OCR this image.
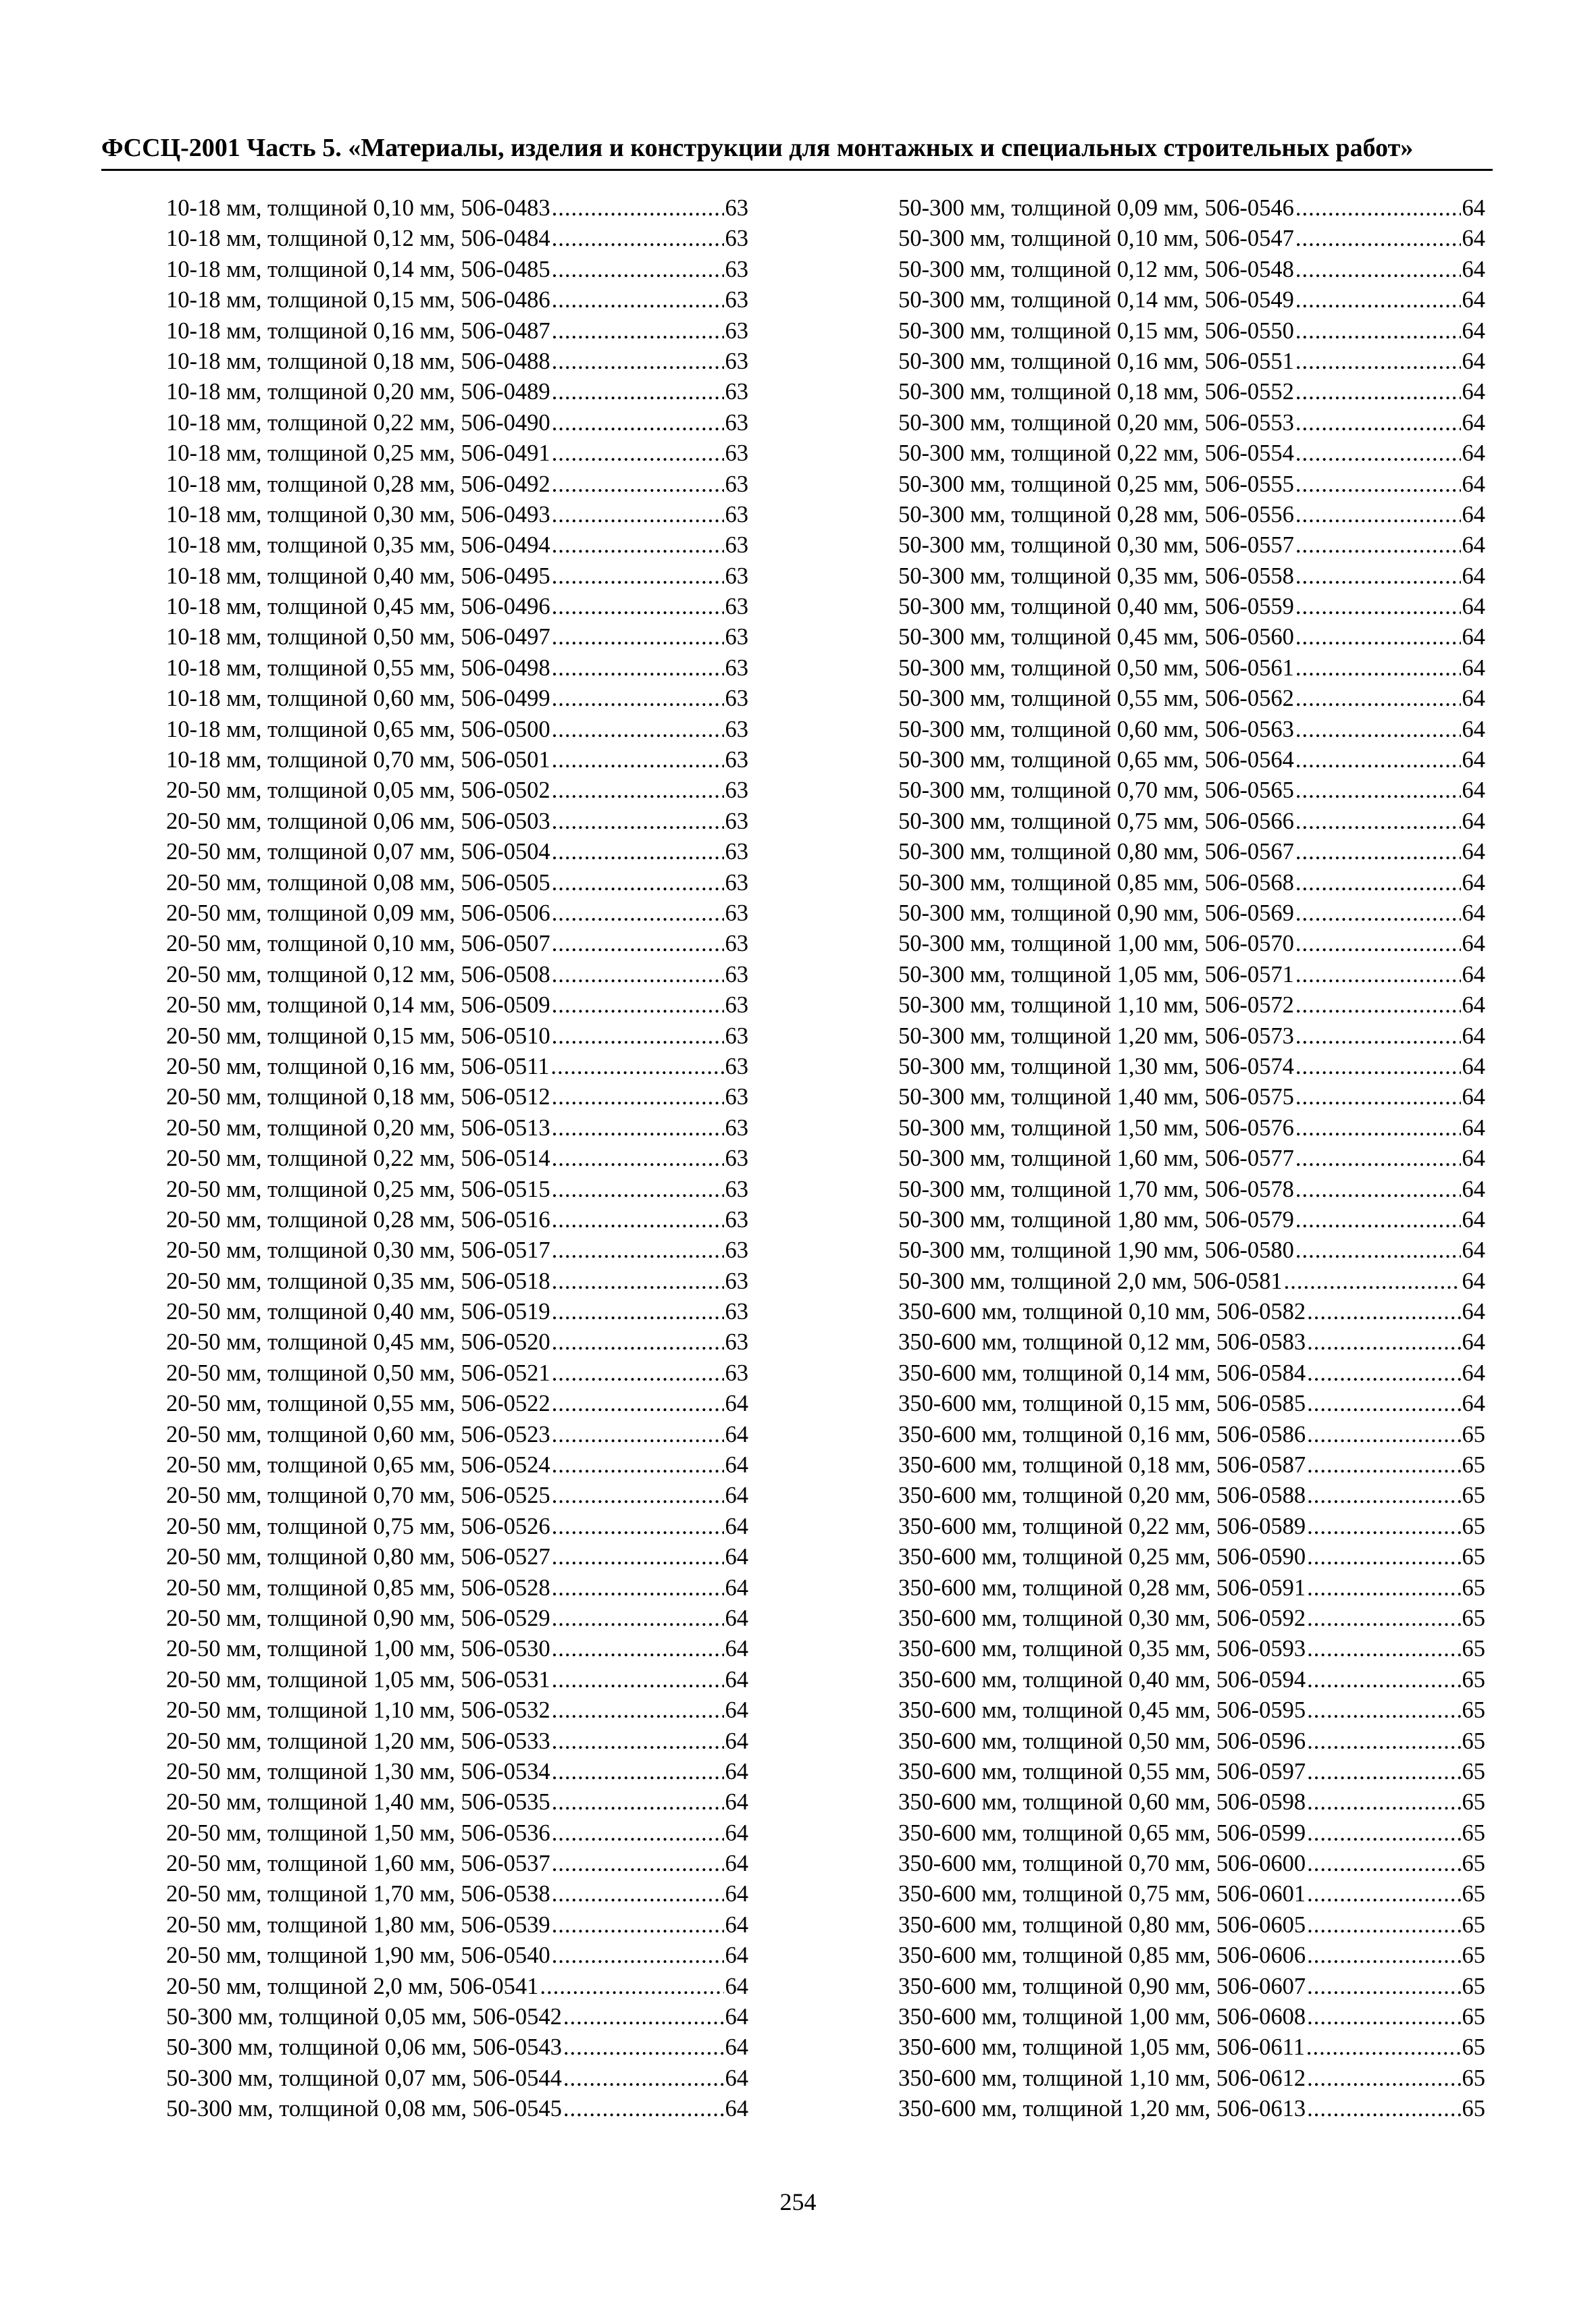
ФССЦ-2001 Часть 5. «Материалы, изделия и конструкции для монтажных и специальных строительных работ»
10-18 мм, толщиной 0,10 мм, 506-0483 .....	63
10-18 мм, толщиной 0,12 мм, 506-0484 .....	63
10-18 мм, толщиной 0,14 мм, 506-0485 .....	63
10-18 мм, толщиной 0,15 мм, 506-0486 .....	63
10-18 мм, толщиной 0,16 мм, 506-0487 .....	63
10-18 мм, толщиной 0,18 мм, 506-0488 .....	63
10-18 мм, толщиной 0,20 мм, 506-0489 .....	63
10-18 мм, толщиной 0,22 мм, 506-0490 .....	63
10-18 мм, толщиной 0,25 мм, 506-0491 .....	63
10-18 мм, толщиной 0,28 мм, 506-0492 .....	63
10-18 мм, толщиной 0,30 мм, 506-0493 .....	63
10-18 мм, толщиной 0,35 мм, 506-0494 .....	63
10-18 мм, толщиной 0,40 мм, 506-0495 .....	63
10-18 мм, толщиной 0,45 мм, 506-0496 .....	63
10-18 мм, толщиной 0,50 мм, 506-0497 .....	63
10-18 мм, толщиной 0,55 мм, 506-0498 .....	63
10-18 мм, толщиной 0,60 мм, 506-0499 .....	63
10-18 мм, толщиной 0,65 мм, 506-0500 .....	63
10-18 мм, толщиной 0,70 мм, 506-0501 .....	63
20-50 мм, толщиной 0,05 мм, 506-0502 .....	63
20-50 мм, толщиной 0,06 мм, 506-0503 .....	63
20-50 мм, толщиной 0,07 мм, 506-0504 .....	63
20-50 мм, толщиной 0,08 мм, 506-0505 .....	63
20-50 мм, толщиной 0,09 мм, 506-0506 .....	63
20-50 мм, толщиной 0,10 мм, 506-0507 .....	63
20-50 мм, толщиной 0,12 мм, 506-0508 .....	63
20-50 мм, толщиной 0,14 мм, 506-0509 .....	63
20-50 мм, толщиной 0,15 мм, 506-0510 .....	63
20-50 мм, толщиной 0,16 мм, 506-0511 .....	63
20-50 мм, толщиной 0,18 мм, 506-0512 .....	63
20-50 мм, толщиной 0,20 мм, 506-0513 .....	63
20-50 мм, толщиной 0,22 мм, 506-0514 .....	63
20-50 мм, толщиной 0,25 мм, 506-0515 .....	63
20-50 мм, толщиной 0,28 мм, 506-0516 .....	63
20-50 мм, толщиной 0,30 мм, 506-0517 .....	63
20-50 мм, толщиной 0,35 мм, 506-0518 .....	63
20-50 мм, толщиной 0,40 мм, 506-0519 .....	63
20-50 мм, толщиной 0,45 мм, 506-0520 .....	63
20-50 мм, толщиной 0,50 мм, 506-0521 .....	63
20-50 мм, толщиной 0,55 мм, 506-0522 .....	64
20-50 мм, толщиной 0,60 мм, 506-0523 .....	64
20-50 мм, толщиной 0,65 мм, 506-0524 .....	64
20-50 мм, толщиной 0,70 мм, 506-0525 .....	64
20-50 мм, толщиной 0,75 мм, 506-0526 .....	64
20-50 мм, толщиной 0,80 мм, 506-0527 .....	64
20-50 мм, толщиной 0,85 мм, 506-0528 .....	64
20-50 мм, толщиной 0,90 мм, 506-0529 .....	64
20-50 мм, толщиной 1,00 мм, 506-0530 .....	64
20-50 мм, толщиной 1,05 мм, 506-0531 .....	64
20-50 мм, толщиной 1,10 мм, 506-0532 .....	64
20-50 мм, толщиной 1,20 мм, 506-0533 .....	64
20-50 мм, толщиной 1,30 мм, 506-0534 .....	64
20-50 мм, толщиной 1,40 мм, 506-0535 .....	64
20-50 мм, толщиной 1,50 мм, 506-0536 .....	64
20-50 мм, толщиной 1,60 мм, 506-0537 .....	64
20-50 мм, толщиной 1,70 мм, 506-0538 .....	64
20-50 мм, толщиной 1,80 мм, 506-0539 .....	64
20-50 мм, толщиной 1,90 мм, 506-0540 .....	64
20-50 мм, толщиной 2,0 мм, 506-0541 .....	64
50-300 мм, толщиной 0,05 мм, 506-0542 .....	64
50-300 мм, толщиной 0,06 мм, 506-0543 .....	64
50-300 мм, толщиной 0,07 мм, 506-0544 .....	64
50-300 мм, толщиной 0,08 мм, 506-0545 .....	64
50-300 мм, толщиной 0,09 мм, 506-0546 .....	64
50-300 мм, толщиной 0,10 мм, 506-0547 .....	64
50-300 мм, толщиной 0,12 мм, 506-0548 .....	64
50-300 мм, толщиной 0,14 мм, 506-0549 .....	64
50-300 мм, толщиной 0,15 мм, 506-0550 .....	64
50-300 мм, толщиной 0,16 мм, 506-0551 .....	64
50-300 мм, толщиной 0,18 мм, 506-0552 .....	64
50-300 мм, толщиной 0,20 мм, 506-0553 .....	64
50-300 мм, толщиной 0,22 мм, 506-0554 .....	64
50-300 мм, толщиной 0,25 мм, 506-0555 .....	64
50-300 мм, толщиной 0,28 мм, 506-0556 .....	64
50-300 мм, толщиной 0,30 мм, 506-0557 .....	64
50-300 мм, толщиной 0,35 мм, 506-0558 .....	64
50-300 мм, толщиной 0,40 мм, 506-0559 .....	64
50-300 мм, толщиной 0,45 мм, 506-0560 .....	64
50-300 мм, толщиной 0,50 мм, 506-0561 .....	64
50-300 мм, толщиной 0,55 мм, 506-0562 .....	64
50-300 мм, толщиной 0,60 мм, 506-0563 .....	64
50-300 мм, толщиной 0,65 мм, 506-0564 .....	64
50-300 мм, толщиной 0,70 мм, 506-0565 .....	64
50-300 мм, толщиной 0,75 мм, 506-0566 .....	64
50-300 мм, толщиной 0,80 мм, 506-0567 .....	64
50-300 мм, толщиной 0,85 мм, 506-0568 .....	64
50-300 мм, толщиной 0,90 мм, 506-0569 .....	64
50-300 мм, толщиной 1,00 мм, 506-0570 .....	64
50-300 мм, толщиной 1,05 мм, 506-0571 .....	64
50-300 мм, толщиной 1,10 мм, 506-0572 .....	64
50-300 мм, толщиной 1,20 мм, 506-0573 .....	64
50-300 мм, толщиной 1,30 мм, 506-0574 .....	64
50-300 мм, толщиной 1,40 мм, 506-0575 .....	64
50-300 мм, толщиной 1,50 мм, 506-0576 .....	64
50-300 мм, толщиной 1,60 мм, 506-0577 .....	64
50-300 мм, толщиной 1,70 мм, 506-0578 .....	64
50-300 мм, толщиной 1,80 мм, 506-0579 .....	64
50-300 мм, толщиной 1,90 мм, 506-0580 .....	64
50-300 мм, толщиной 2,0 мм, 506-0581 .....	64
350-600 мм, толщиной 0,10 мм, 506-0582 .....	64
350-600 мм, толщиной 0,12 мм, 506-0583 .....	64
350-600 мм, толщиной 0,14 мм, 506-0584 .....	64
350-600 мм, толщиной 0,15 мм, 506-0585 .....	64
350-600 мм, толщиной 0,16 мм, 506-0586 .....	65
350-600 мм, толщиной 0,18 мм, 506-0587 .....	65
350-600 мм, толщиной 0,20 мм, 506-0588 .....	65
350-600 мм, толщиной 0,22 мм, 506-0589 .....	65
350-600 мм, толщиной 0,25 мм, 506-0590 .....	65
350-600 мм, толщиной 0,28 мм, 506-0591 .....	65
350-600 мм, толщиной 0,30 мм, 506-0592 .....	65
350-600 мм, толщиной 0,35 мм, 506-0593 .....	65
350-600 мм, толщиной 0,40 мм, 506-0594 .....	65
350-600 мм, толщиной 0,45 мм, 506-0595 .....	65
350-600 мм, толщиной 0,50 мм, 506-0596 .....	65
350-600 мм, толщиной 0,55 мм, 506-0597 .....	65
350-600 мм, толщиной 0,60 мм, 506-0598 .....	65
350-600 мм, толщиной 0,65 мм, 506-0599 .....	65
350-600 мм, толщиной 0,70 мм, 506-0600 .....	65
350-600 мм, толщиной 0,75 мм, 506-0601 .....	65
350-600 мм, толщиной 0,80 мм, 506-0605 .....	65
350-600 мм, толщиной 0,85 мм, 506-0606 .....	65
350-600 мм, толщиной 0,90 мм, 506-0607 .....	65
350-600 мм, толщиной 1,00 мм, 506-0608 .....	65
350-600 мм, толщиной 1,05 мм, 506-0611 .....	65
350-600 мм, толщиной 1,10 мм, 506-0612 .....	65
350-600 мм, толщиной 1,20 мм, 506-0613 .....	65
254
